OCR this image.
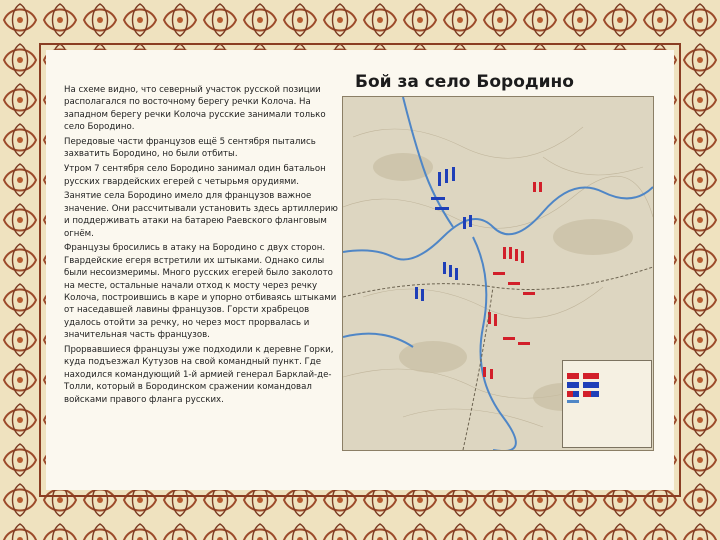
Бой за село Бородино

На схеме видно, что северный участок русской позиции располагался по восточному берегу речки Колоча. На западном берегу речки Колоча русские занимали только село Бородино.

Передовые части французов ещё 5 сентября пытались захватить Бородино, но были отбиты.

Утром 7 сентября село Бородино занимал один батальон русских гвардейских егерей с четырьмя орудиями.

Занятие села Бородино имело для французов важное значение. Они рассчитывали установить здесь артиллерию и поддерживать атаки на батарею Раевского фланговым огнём.

Французы бросились в атаку на Бородино с двух сторон. Гвардейские егеря встретили их штыками. Однако силы были несоизмеримы. Много русских егерей было заколото на месте, остальные начали отход к мосту через речку Колоча, построившись в каре и упорно отбиваясь штыками от наседавшей лавины французов. Горсти храбрецов удалось отойти за речку, но через мост прорвалась и значительная часть французов.

Прорвавшиеся французы уже подходили к деревне Горки, куда подъезжал Кутузов на свой командный пункт. Где находился командующий 1-й армией генерал Барклай-де-Толли, который в Бородинском сражении командовал войсками правого фланга русских.
